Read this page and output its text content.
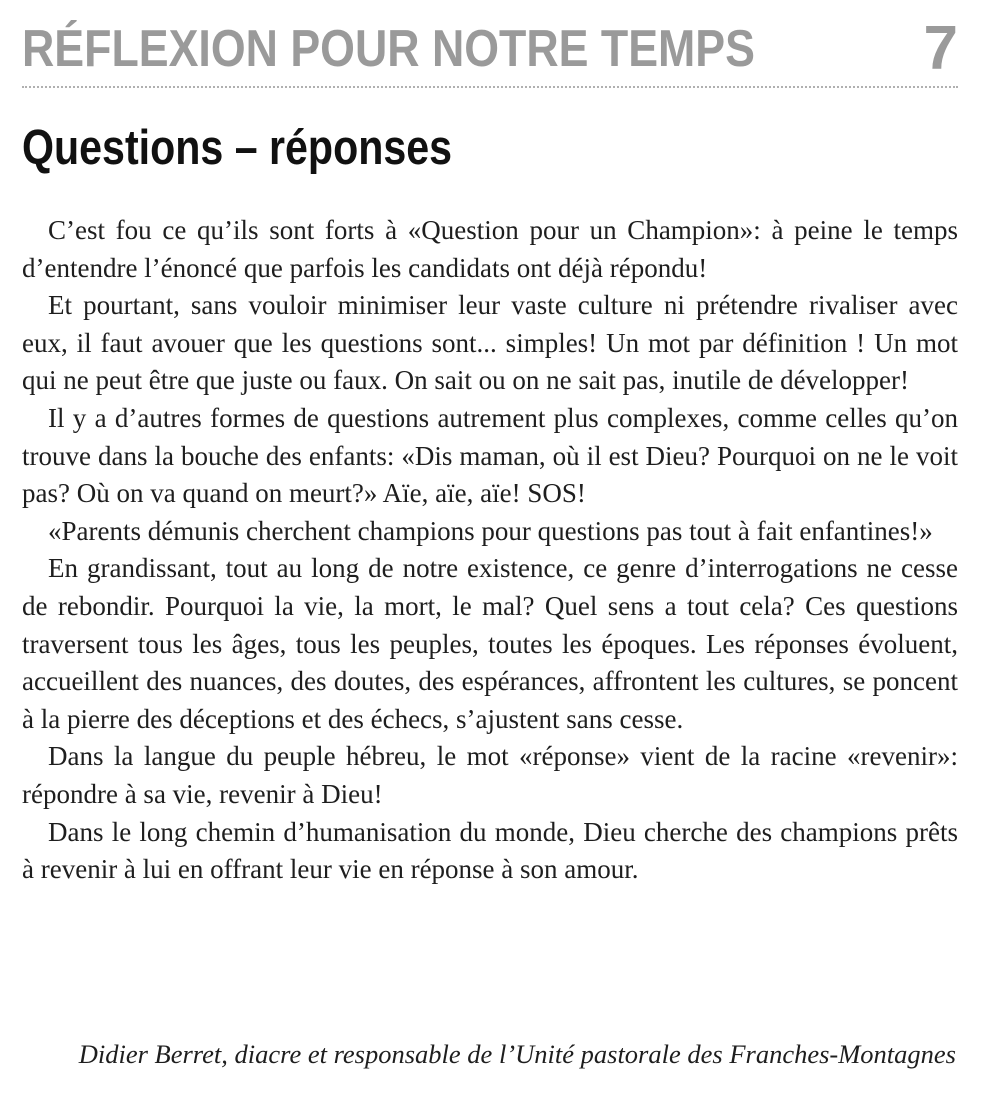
RÉFLEXION POUR NOTRE TEMPS	7
Questions – réponses

C’est fou ce qu’ils sont forts à «Question pour un Champion»: à peine le temps d’entendre l’énoncé que parfois les candidats ont déjà répondu!

Et pourtant, sans vouloir minimiser leur vaste culture ni prétendre rivaliser avec eux, il faut avouer que les questions sont... simples! Un mot par définition ! Un mot qui ne peut être que juste ou faux. On sait ou on ne sait pas, inutile de développer!

Il y a d’autres formes de questions autrement plus complexes, comme celles qu’on trouve dans la bouche des enfants: «Dis maman, où il est Dieu? Pourquoi on ne le voit pas? Où on va quand on meurt?» Aïe, aïe, aïe! SOS!

«Parents démunis cherchent champions pour questions pas tout à fait enfantines!»

En grandissant, tout au long de notre existence, ce genre d’interrogations ne cesse de rebondir. Pourquoi la vie, la mort, le mal? Quel sens a tout cela? Ces questions traversent tous les âges, tous les peuples, toutes les époques. Les réponses évoluent, accueillent des nuances, des doutes, des espérances, affrontent les cultures, se poncent à la pierre des déceptions et des échecs, s’ajustent sans cesse.

Dans la langue du peuple hébreu, le mot «réponse» vient de la racine «revenir»: répondre à sa vie, revenir à Dieu!

Dans le long chemin d’humanisation du monde, Dieu cherche des champions prêts à revenir à lui en offrant leur vie en réponse à son amour.

Didier Berret, diacre et responsable de l’Unité pastorale des Franches-Montagnes
